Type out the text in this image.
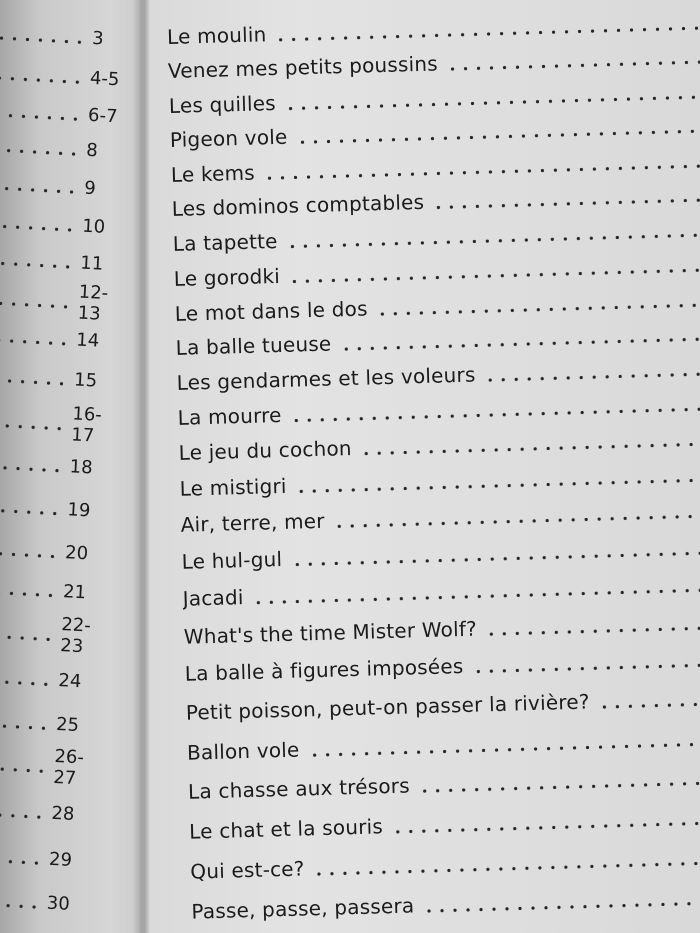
3
4-5
6-7
8
9
10
11
12-13
14
15
16-17
18
19
20
21
22-23
24
25
26-27
28
29
30
Le moulin
Venez mes petits poussins
Les quilles
Pigeon vole
Le kems
Les dominos comptables
La tapette
Le gorodki
Le mot dans le dos
La balle tueuse
Les gendarmes et les voleurs
La mourre
Le jeu du cochon
Le mistigri
Air, terre, mer
Le hul-gul
Jacadi
What's the time Mister Wolf?
La balle à figures imposées
Petit poisson, peut-on passer la rivière?
Ballon vole
La chasse aux trésors
Le chat et la souris
Qui est-ce?
Passe, passe, passera
